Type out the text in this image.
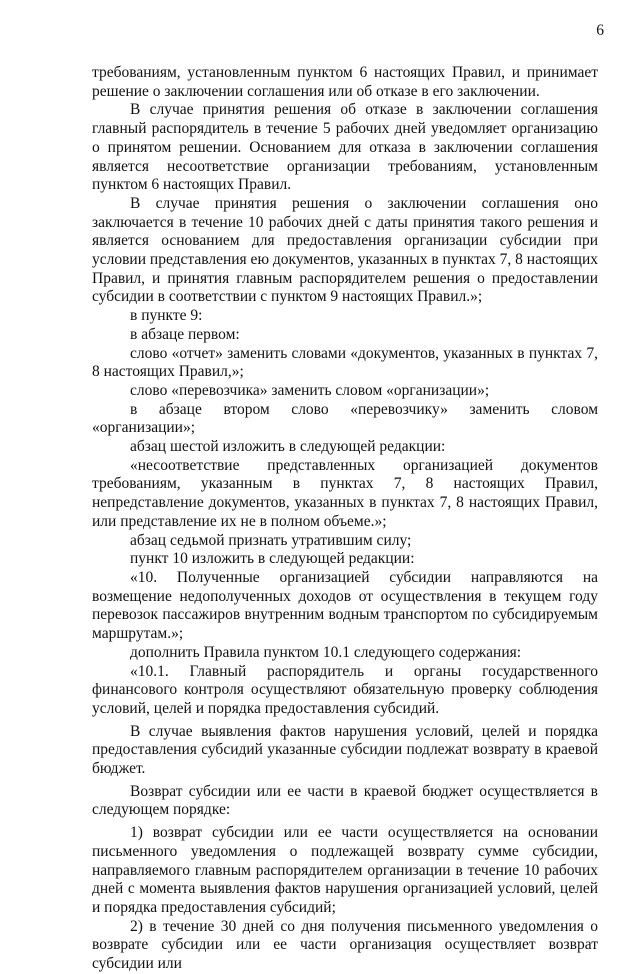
6

требованиям, установленным пунктом 6 настоящих Правил, и принимает решение о заключении соглашения или об отказе в его заключении.

В случае принятия решения об отказе в заключении соглашения главный распорядитель в течение 5 рабочих дней уведомляет организацию о принятом решении. Основанием для отказа в заключении соглашения является несоответствие организации требованиям, установленным пунктом 6 настоящих Правил.

В случае принятия решения о заключении соглашения оно заключается в течение 10 рабочих дней с даты принятия такого решения и является основанием для предоставления организации субсидии при условии представления ею документов, указанных в пунктах 7, 8 настоящих Правил, и принятия главным распорядителем решения о предоставлении субсидии в соответствии с пунктом 9 настоящих Правил.»;

в пункте 9:

в абзаце первом:

слово «отчет» заменить словами «документов, указанных в пунктах 7, 8 настоящих Правил,»;

слово «перевозчика» заменить словом «организации»;

в абзаце втором слово «перевозчику» заменить словом «организации»;

абзац шестой изложить в следующей редакции:

«несоответствие представленных организацией документов требованиям, указанным в пунктах 7, 8 настоящих Правил, непредставление документов, указанных в пунктах 7, 8 настоящих Правил, или представление их не в полном объеме.»;

абзац седьмой признать утратившим силу;

пункт 10 изложить в следующей редакции:

«10. Полученные организацией субсидии направляются на возмещение недополученных доходов от осуществления в текущем году перевозок пассажиров внутренним водным транспортом по субсидируемым маршрутам.»;

дополнить Правила пунктом 10.1 следующего содержания:

«10.1. Главный распорядитель и органы государственного финансового контроля осуществляют обязательную проверку соблюдения условий, целей и порядка предоставления субсидий.

В случае выявления фактов нарушения условий, целей и порядка предоставления субсидий указанные субсидии подлежат возврату в краевой бюджет.

Возврат субсидии или ее части в краевой бюджет осуществляется в следующем порядке:

1) возврат субсидии или ее части осуществляется на основании письменного уведомления о подлежащей возврату сумме субсидии, направляемого главным распорядителем организации в течение 10 рабочих дней с момента выявления фактов нарушения организацией условий, целей и порядка предоставления субсидий;

2) в течение 30 дней со дня получения письменного уведомления о возврате субсидии или ее части организация осуществляет возврат субсидии или
